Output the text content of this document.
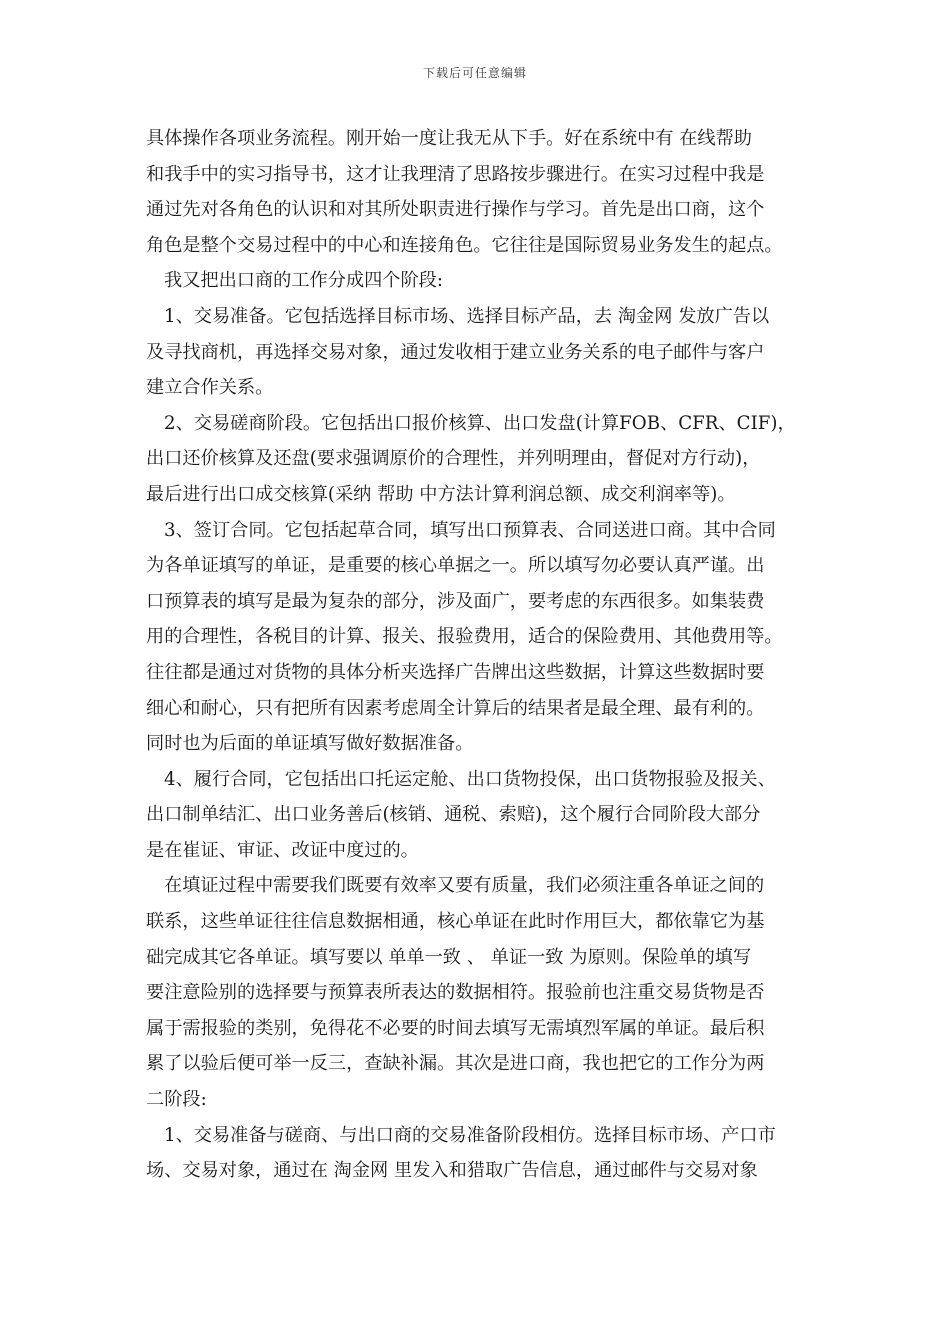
下载后可任意编辑
具体操作各项业务流程。刚开始一度让我无从下手。好在系统中有 在线帮助
和我手中的实习指导书，这才让我理清了思路按步骤进行。在实习过程中我是
通过先对各角色的认识和对其所处职责进行操作与学习。首先是出口商，这个
角色是整个交易过程中的中心和连接角色。它往往是国际贸易业务发生的起点。
我又把出口商的工作分成四个阶段:
1、交易准备。它包括选择目标市场、选择目标产品，去 淘金网 发放广告以
及寻找商机，再选择交易对象，通过发收相于建立业务关系的电子邮件与客户
建立合作关系。
2、交易磋商阶段。它包括出口报价核算、出口发盘(计算FOB、CFR、CIF)，
出口还价核算及还盘(要求强调原价的合理性，并列明理由，督促对方行动)，
最后进行出口成交核算(采纳 帮助 中方法计算利润总额、成交利润率等)。
3、签订合同。它包括起草合同，填写出口预算表、合同送进口商。其中合同
为各单证填写的单证，是重要的核心单据之一。所以填写勿必要认真严谨。出
口预算表的填写是最为复杂的部分，涉及面广，要考虑的东西很多。如集装费
用的合理性，各税目的计算、报关、报验费用，适合的保险费用、其他费用等。
往往都是通过对货物的具体分析夹选择广告牌出这些数据，计算这些数据时要
细心和耐心，只有把所有因素考虑周全计算后的结果者是最全理、最有利的。
同时也为后面的单证填写做好数据准备。
4、履行合同，它包括出口托运定舱、出口货物投保，出口货物报验及报关、
出口制单结汇、出口业务善后(核销、通税、索赔)，这个履行合同阶段大部分
是在崔证、审证、改证中度过的。
在填证过程中需要我们既要有效率又要有质量，我们必须注重各单证之间的
联系，这些单证往往信息数据相通，核心单证在此时作用巨大，都依靠它为基
础完成其它各单证。填写要以 单单一致 、 单证一致 为原则。保险单的填写
要注意险别的选择要与预算表所表达的数据相符。报验前也注重交易货物是否
属于需报验的类别，免得花不必要的时间去填写无需填烈军属的单证。最后积
累了以验后便可举一反三，查缺补漏。其次是进口商，我也把它的工作分为两
二阶段:
1、交易准备与磋商、与出口商的交易准备阶段相仿。选择目标市场、产口市
场、交易对象，通过在 淘金网 里发入和猎取广告信息，通过邮件与交易对象
